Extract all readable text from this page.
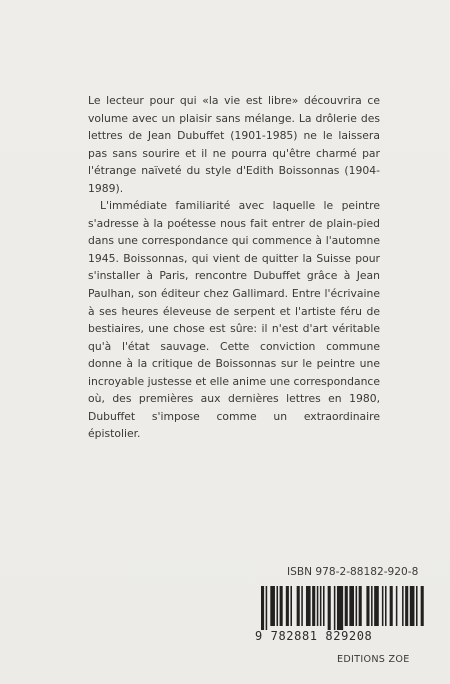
Le lecteur pour qui «la vie est libre» découvrira ce volume avec un plaisir sans mélange. La drôlerie des lettres de Jean Dubuffet (1901-1985) ne le laissera pas sans sourire et il ne pourra qu'être charmé par l'étrange naïveté du style d'Edith Boissonnas (1904-1989).

L'immédiate familiarité avec laquelle le peintre s'adresse à la poétesse nous fait entrer de plain-pied dans une correspondance qui commence à l'automne 1945. Boissonnas, qui vient de quitter la Suisse pour s'installer à Paris, rencontre Dubuffet grâce à Jean Paulhan, son éditeur chez Gallimard. Entre l'écrivaine à ses heures éleveuse de serpent et l'artiste féru de bestiaires, une chose est sûre: il n'est d'art véritable qu'à l'état sauvage. Cette conviction commune donne à la critique de Boissonnas sur le peintre une incroyable justesse et elle anime une correspondance où, des premières aux dernières lettres en 1980, Dubuffet s'impose comme un extraordinaire épistolier.

ISBN 978-2-88182-920-8
9 782881 829208
EDITIONS ZOE
